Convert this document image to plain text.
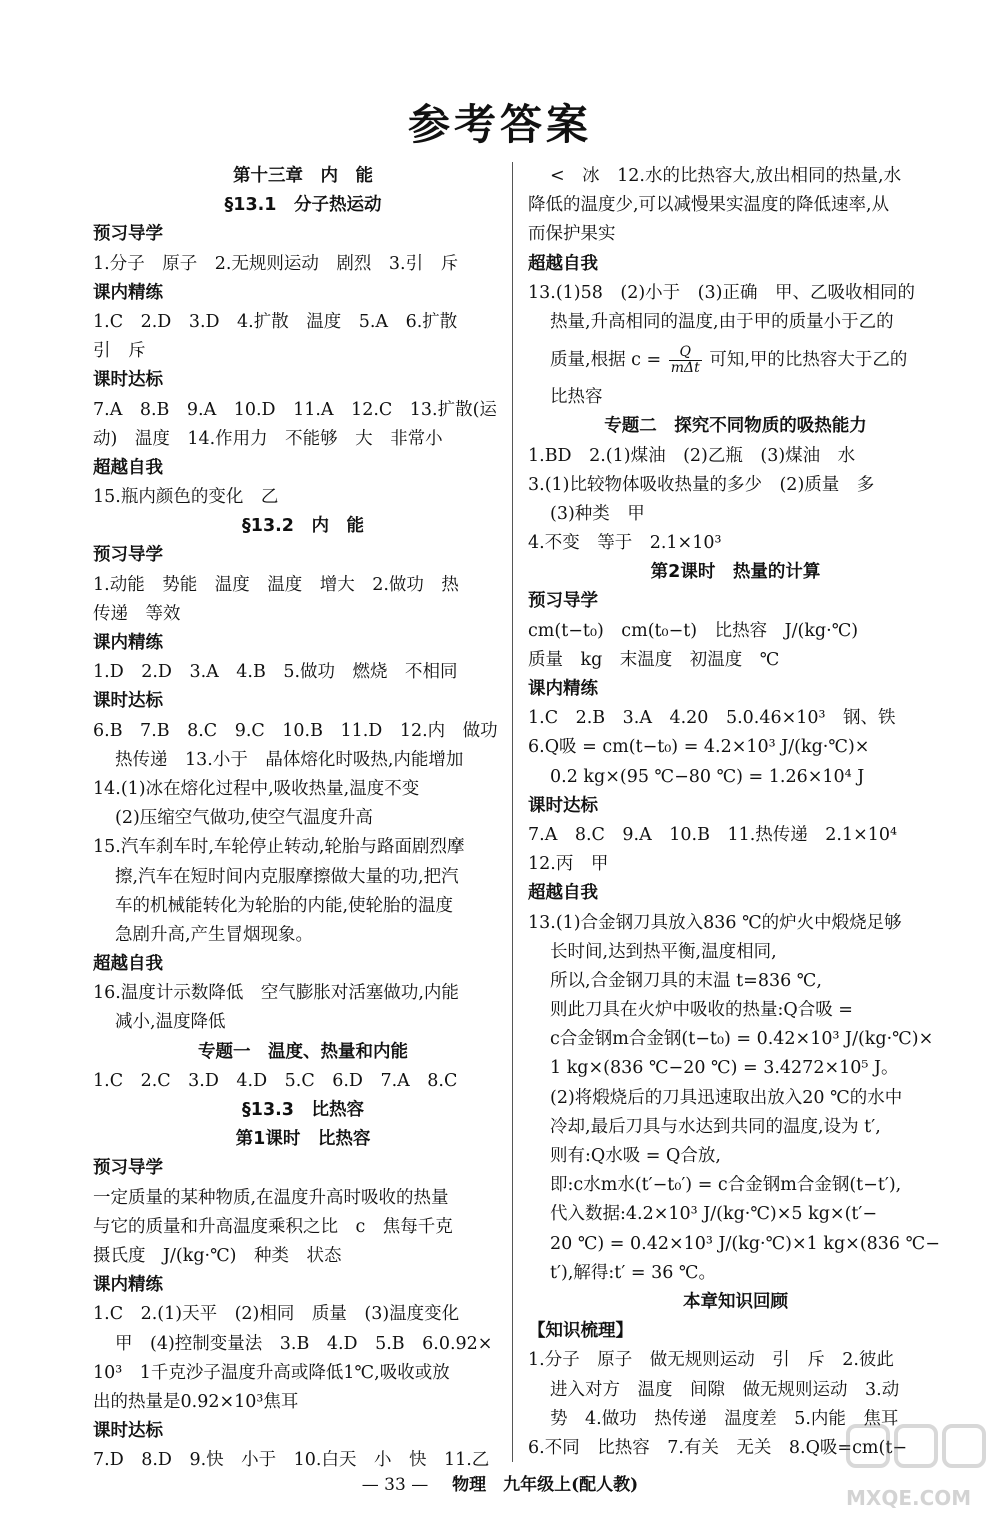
参考答案
第十三章　内　能
§13.1　分子热运动
预习导学
1.分子　原子　2.无规则运动　剧烈　3.引　斥
课内精练
1.C　2.D　3.D　4.扩散　温度　5.A　6.扩散
引　斥
课时达标
7.A　8.B　9.A　10.D　11.A　12.C　13.扩散(运
动)　温度　14.作用力　不能够　大　非常小
超越自我
15.瓶内颜色的变化　乙
§13.2　内　能
预习导学
1.动能　势能　温度　温度　增大　2.做功　热
传递　等效
课内精练
1.D　2.D　3.A　4.B　5.做功　燃烧　不相同
课时达标
6.B　7.B　8.C　9.C　10.B　11.D　12.内　做功
热传递　13.小于　晶体熔化时吸热,内能增加
14.(1)冰在熔化过程中,吸收热量,温度不变
(2)压缩空气做功,使空气温度升高
15.汽车刹车时,车轮停止转动,轮胎与路面剧烈摩
擦,汽车在短时间内克服摩擦做大量的功,把汽
车的机械能转化为轮胎的内能,使轮胎的温度
急剧升高,产生冒烟现象。
超越自我
16.温度计示数降低　空气膨胀对活塞做功,内能
减小,温度降低
专题一　温度、热量和内能
1.C　2.C　3.D　4.D　5.C　6.D　7.A　8.C
§13.3　比热容
第1课时　比热容
预习导学
一定质量的某种物质,在温度升高时吸收的热量
与它的质量和升高温度乘积之比　c　焦每千克
摄氏度　J/(kg·℃)　种类　状态
课内精练
1.C　2.(1)天平　(2)相同　质量　(3)温度变化
甲　(4)控制变量法　3.B　4.D　5.B　6.0.92×
10³　1千克沙子温度升高或降低1℃,吸收或放
出的热量是0.92×10³焦耳
课时达标
7.D　8.D　9.快　小于　10.白天　小　快　11.乙
<　冰　12.水的比热容大,放出相同的热量,水
降低的温度少,可以减慢果实温度的降低速率,从
而保护果实
超越自我
13.(1)58　(2)小于　(3)正确　甲、乙吸收相同的
热量,升高相同的温度,由于甲的质量小于乙的
质量,根据 $c = \frac{Q}{\text{mΔt}}$ 可知,甲的比热容大于乙的
比热容
专题二　探究不同物质的吸热能力
1.BD　2.(1)煤油　(2)乙瓶　(3)煤油　水
3.(1)比较物体吸收热量的多少　(2)质量　多
(3)种类　甲
4.不变　等于　2.1×10³
第2课时　热量的计算
预习导学
cm(t−t₀)　cm(t₀−t)　比热容　J/(kg·℃)
质量　kg　末温度　初温度　℃
课内精练
1.C　2.B　3.A　4.20　5.0.46×10³　钢、铁
6.Q吸 = cm(t−t₀) = 4.2×10³ J/(kg·℃)×
0.2 kg×(95 ℃−80 ℃) = 1.26×10⁴ J
课时达标
7.A　8.C　9.A　10.B　11.热传递　2.1×10⁴
12.丙　甲
超越自我
13.(1)合金钢刀具放入836 ℃的炉火中煅烧足够
长时间,达到热平衡,温度相同,
所以,合金钢刀具的末温 t=836 ℃,
则此刀具在火炉中吸收的热量:Q合吸 =
c合金钢m合金钢(t−t₀) = 0.42×10³ J/(kg·℃)×
1 kg×(836 ℃−20 ℃) = 3.4272×10⁵ J。
(2)将煅烧后的刀具迅速取出放入20 ℃的水中
冷却,最后刀具与水达到共同的温度,设为 t′,
则有:Q水吸 = Q合放,
即:c水m水(t′−t₀′) = c合金钢m合金钢(t−t′),
代入数据:4.2×10³ J/(kg·℃)×5 kg×(t′−
20 ℃) = 0.42×10³ J/(kg·℃)×1 kg×(836 ℃−
t′),解得:t′ = 36 ℃。
本章知识回顾
【知识梳理】
1.分子　原子　做无规则运动　引　斥　2.彼此
进入对方　温度　间隙　做无规则运动　3.动
势　4.做功　热传递　温度差　5.内能　焦耳
6.不同　比热容　7.有关　无关　8.Q吸=cm(t−
— 33 — 物理　九年级上(配人教)
MXQE.COM
